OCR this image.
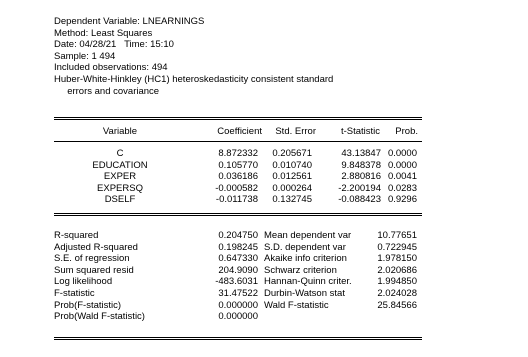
Dependent Variable: LNEARNINGS
Method: Least Squares
Date: 04/28/21   Time: 15:10
Sample: 1 494
Included observations: 494
Huber-White-Hinkley (HC1) heteroskedasticity consistent standard
errors and covariance
Variable	Coefficient	Std. Error	t-Statistic	Prob.
C	8.872332	0.205671	43.13847 0.0000
EDUCATION	0.105770	0.010740	9.848378 0.0000
EXPER	0.036186	0.012561	2.880816 0.0041
EXPERSQ	-0.000582	0.000264	-2.200194 0.0283
DSELF	-0.011738	0.132745	-0.088423 0.9296
R-squared	0.204750 Mean dependent var	10.77651
Adjusted R-squared	0.198245 S.D. dependent var	0.722945
S.E. of regression	0.647330 Akaike info criterion	1.978150
Sum squared resid	204.9090 Schwarz criterion	2.020686
Log likelihood	-483.6031 Hannan-Quinn criter.	1.994850
F-statistic	31.47522 Durbin-Watson stat	2.024028
Prob(F-statistic)	0.000000 Wald F-statistic	25.84566
Prob(Wald F-statistic)	0.000000
